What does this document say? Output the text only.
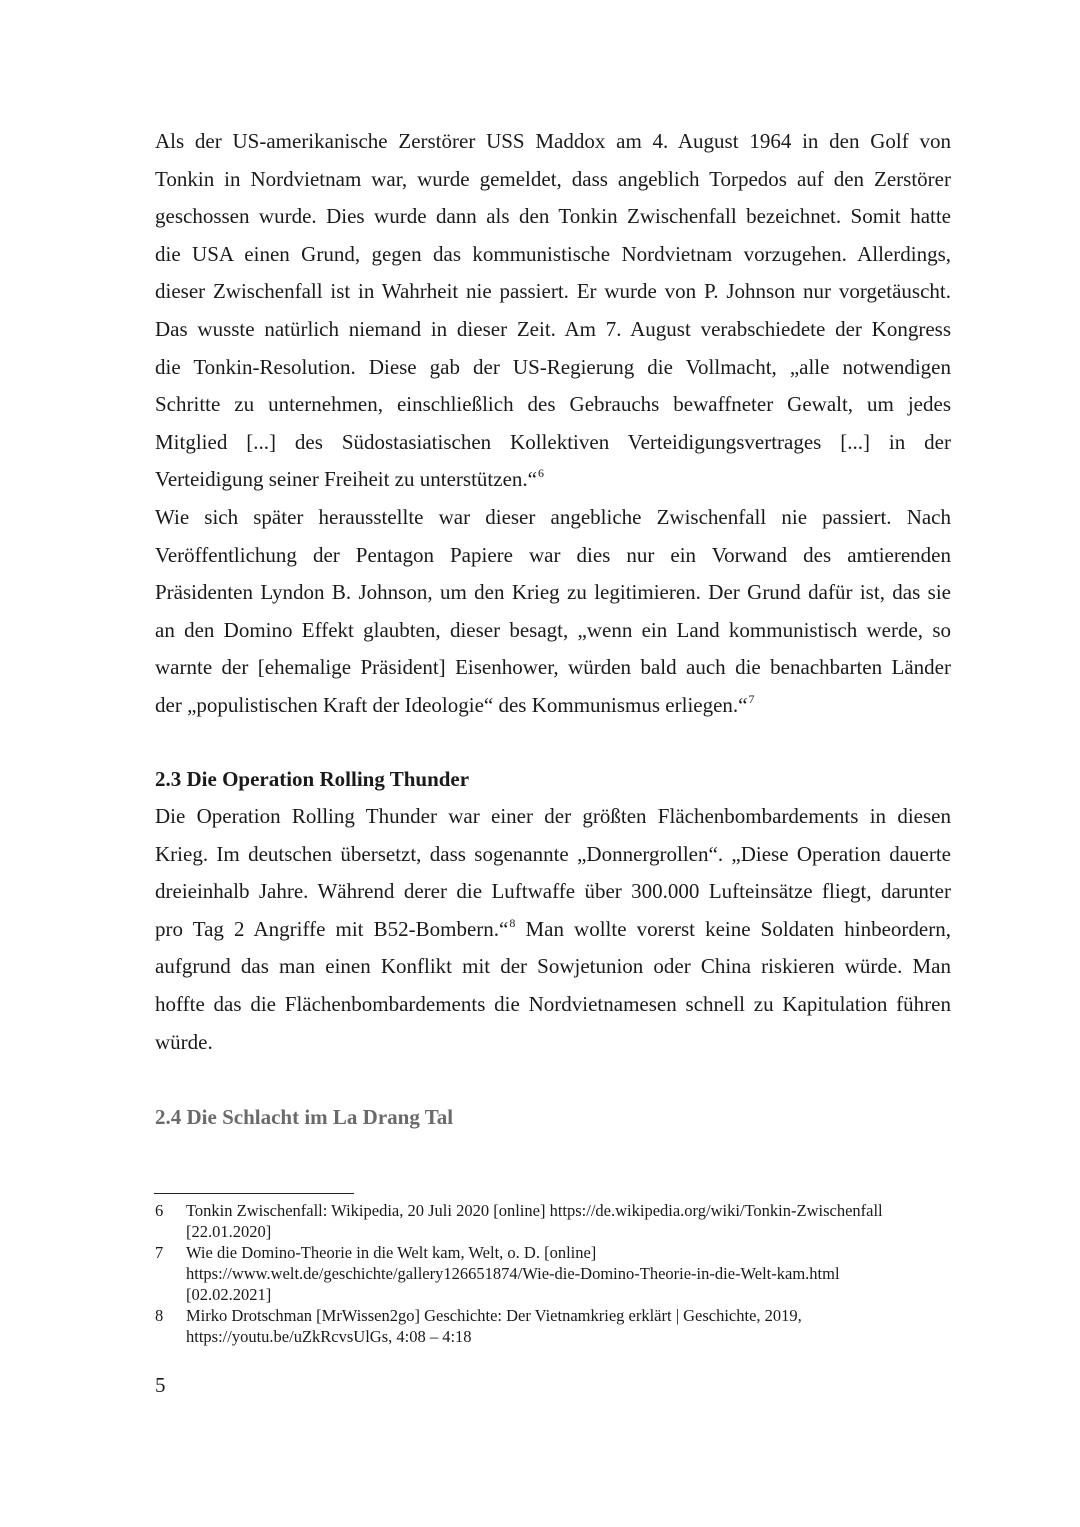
Als der US-amerikanische Zerstörer USS Maddox am 4. August 1964 in den Golf von
Tonkin in Nordvietnam war, wurde gemeldet, dass angeblich Torpedos auf den Zerstörer
geschossen wurde. Dies wurde dann als den Tonkin Zwischenfall bezeichnet. Somit hatte
die USA einen Grund, gegen das kommunistische Nordvietnam vorzugehen. Allerdings,
dieser Zwischenfall ist in Wahrheit nie passiert. Er wurde von P. Johnson nur vorgetäuscht.
Das wusste natürlich niemand in dieser Zeit. Am 7. August verabschiedete der Kongress
die Tonkin-Resolution. Diese gab der US-Regierung die Vollmacht, „alle notwendigen
Schritte zu unternehmen, einschließlich des Gebrauchs bewaffneter Gewalt, um jedes
Mitglied [...] des Südostasiatischen Kollektiven Verteidigungsvertrages [...] in der
Verteidigung seiner Freiheit zu unterstützen.“$^6$

Wie sich später herausstellte war dieser angebliche Zwischenfall nie passiert. Nach
Veröffentlichung der Pentagon Papiere war dies nur ein Vorwand des amtierenden
Präsidenten Lyndon B. Johnson, um den Krieg zu legitimieren. Der Grund dafür ist, das sie
an den Domino Effekt glaubten, dieser besagt, „wenn ein Land kommunistisch werde, so
warnte der [ehemalige Präsident] Eisenhower, würden bald auch die benachbarten Länder
der „populistischen Kraft der Ideologie“ des Kommunismus erliegen.“$^7$

2.3 Die Operation Rolling Thunder

Die Operation Rolling Thunder war einer der größten Flächenbombardements in diesen
Krieg. Im deutschen übersetzt, dass sogenannte „Donnergrollen“. „Diese Operation dauerte
dreieinhalb Jahre. Während derer die Luftwaffe über 300.000 Lufteinsätze fliegt, darunter
pro Tag 2 Angriffe mit B52-Bombern.“$^8$ Man wollte vorerst keine Soldaten hinbeordern,
aufgrund das man einen Konflikt mit der Sowjetunion oder China riskieren würde. Man
hoffte das die Flächenbombardements die Nordvietnamesen schnell zu Kapitulation führen
würde.

2.4 Die Schlacht im La Drang Tal
6	Tonkin Zwischenfall: Wikipedia, 20 Juli 2020 [online] https://de.wikipedia.org/wiki/Tonkin-Zwischenfall
[22.01.2020]
7	Wie die Domino-Theorie in die Welt kam, Welt, o. D. [online]
https://www.welt.de/geschichte/gallery126651874/Wie-die-Domino-Theorie-in-die-Welt-kam.html
[02.02.2021]
8	Mirko Drotschman [MrWissen2go] Geschichte: Der Vietnamkrieg erklärt | Geschichte, 2019,
https://youtu.be/uZkRcvsUlGs, 4:08 – 4:18
5
